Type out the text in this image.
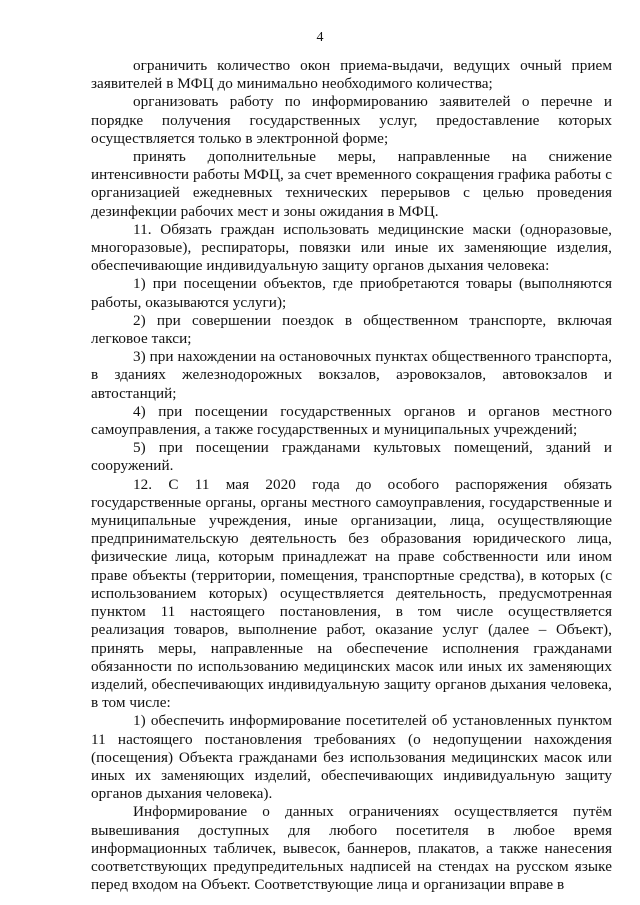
4

ограничить количество окон приема-выдачи, ведущих очный прием заявителей в МФЦ до минимально необходимого количества;

организовать работу по информированию заявителей о перечне и порядке получения государственных услуг, предоставление которых осуществляется только в электронной форме;

принять дополнительные меры, направленные на снижение интенсивности работы МФЦ, за счет временного сокращения графика работы с организацией ежедневных технических перерывов с целью проведения дезинфекции рабочих мест и зоны ожидания в МФЦ.

11. Обязать граждан использовать медицинские маски (одноразовые, многоразовые), респираторы, повязки или иные их заменяющие изделия, обеспечивающие индивидуальную защиту органов дыхания человека:

1) при посещении объектов, где приобретаются товары (выполняются работы, оказываются услуги);

2) при совершении поездок в общественном транспорте, включая легковое такси;

3) при нахождении на остановочных пунктах общественного транспорта, в зданиях железнодорожных вокзалов, аэровокзалов, автовокзалов и автостанций;

4) при посещении государственных органов и органов местного самоуправления, а также государственных и муниципальных учреждений;

5) при посещении гражданами культовых помещений, зданий и сооружений.

12. С 11 мая 2020 года до особого распоряжения обязать государственные органы, органы местного самоуправления, государственные и муниципальные учреждения, иные организации, лица, осуществляющие предпринимательскую деятельность без образования юридического лица, физические лица, которым принадлежат на праве собственности или ином праве объекты (территории, помещения, транспортные средства), в которых (с использованием которых) осуществляется деятельность, предусмотренная пунктом 11 настоящего постановления, в том числе осуществляется реализация товаров, выполнение работ, оказание услуг (далее – Объект), принять меры, направленные на обеспечение исполнения гражданами обязанности по использованию медицинских масок или иных их заменяющих изделий, обеспечивающих индивидуальную защиту органов дыхания человека, в том числе:

1) обеспечить информирование посетителей об установленных пунктом 11 настоящего постановления требованиях (о недопущении нахождения (посещения) Объекта гражданами без использования медицинских масок или иных их заменяющих изделий, обеспечивающих индивидуальную защиту органов дыхания человека).

Информирование о данных ограничениях осуществляется путём вывешивания доступных для любого посетителя в любое время информационных табличек, вывесок, баннеров, плакатов, а также нанесения соответствующих предупредительных надписей на стендах на русском языке перед входом на Объект. Соответствующие лица и организации вправе в
